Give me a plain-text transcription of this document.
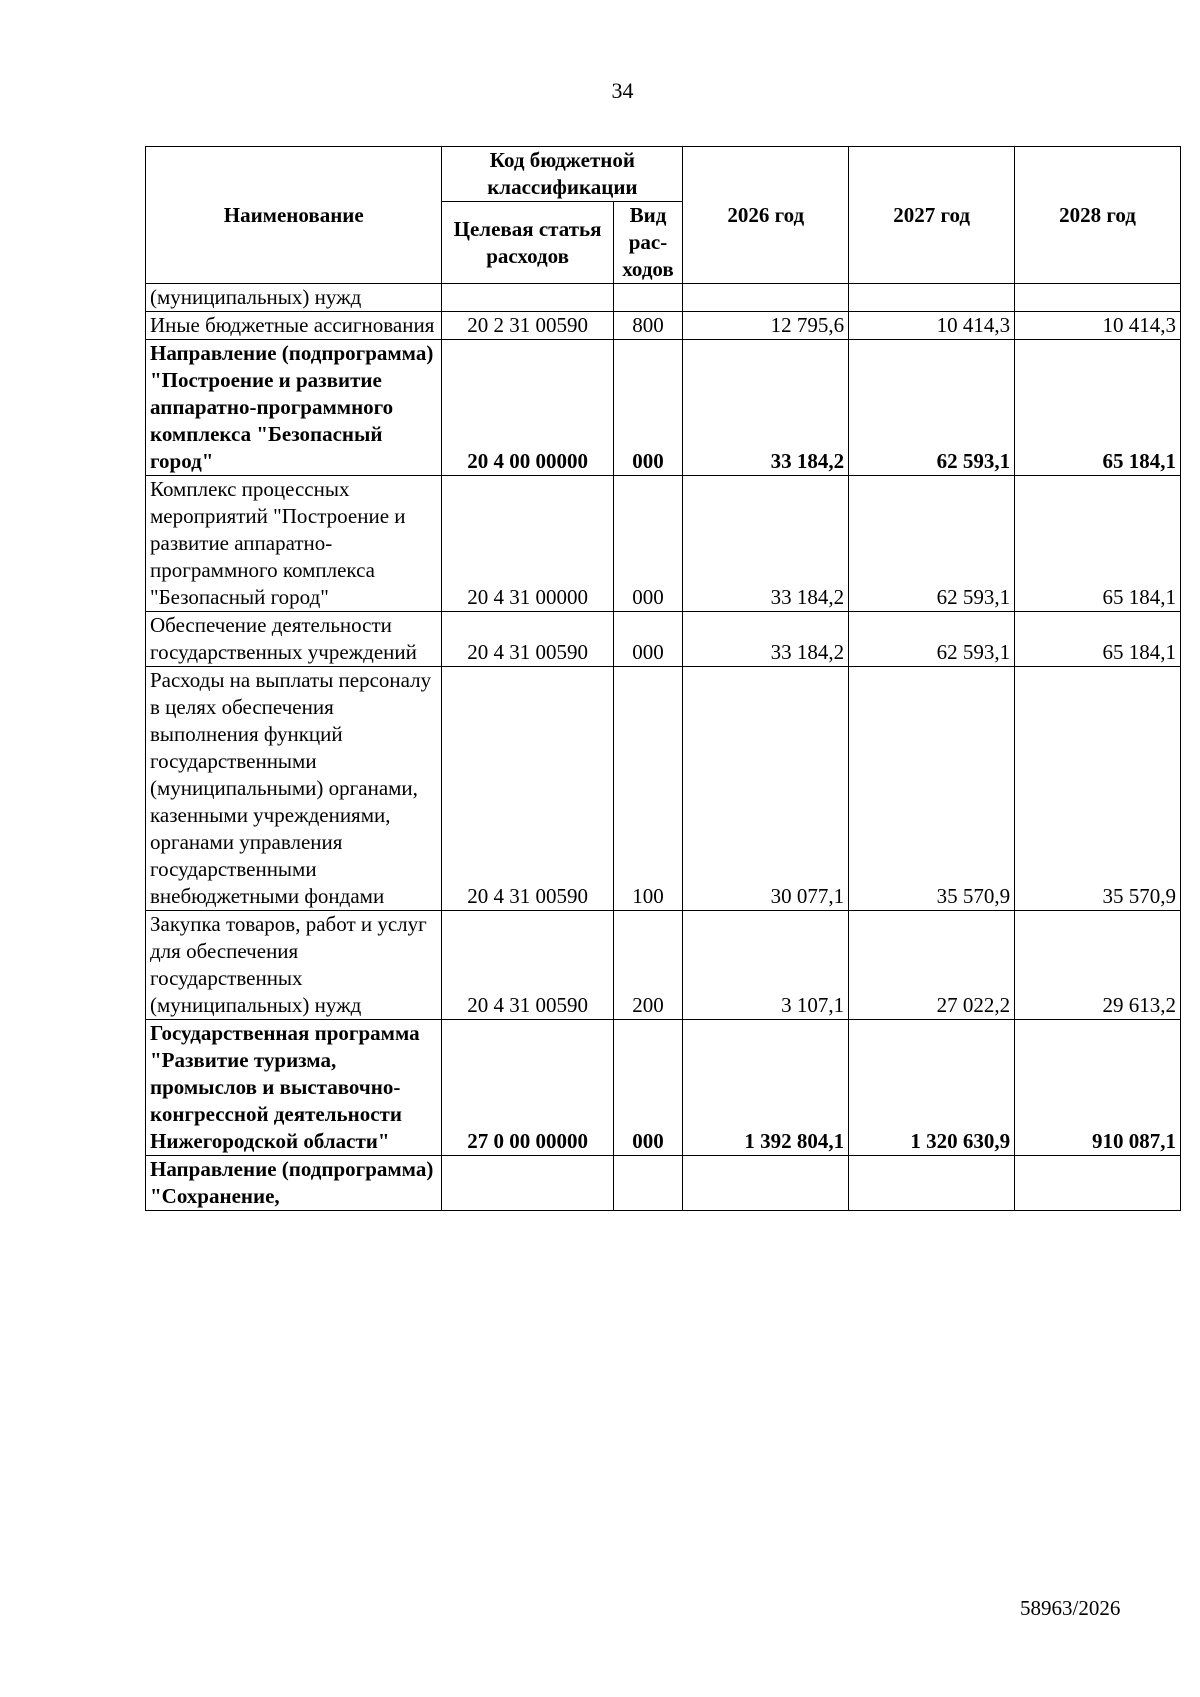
34
Наименование	Код бюджетной классификации		2026 год	2027 год	2028 год
	Целевая статья расходов	Вид рас-ходов			
(муниципальных) нужд					
Иные бюджетные ассигнования	20 2 31 00590	800	12 795,6	10 414,3	10 414,3
Направление (подпрограмма) "Построение и развитие аппаратно-программного комплекса "Безопасный город"	20 4 00 00000	000	33 184,2	62 593,1	65 184,1
Комплекс процессных мероприятий "Построение и развитие аппаратно-программного комплекса "Безопасный город"	20 4 31 00000	000	33 184,2	62 593,1	65 184,1
Обеспечение деятельности государственных учреждений	20 4 31 00590	000	33 184,2	62 593,1	65 184,1
Расходы на выплаты персоналу в целях обеспечения выполнения функций государственными (муниципальными) органами, казенными учреждениями, органами управления государственными внебюджетными фондами	20 4 31 00590	100	30 077,1	35 570,9	35 570,9
Закупка товаров, работ и услуг для обеспечения государственных (муниципальных) нужд	20 4 31 00590	200	3 107,1	27 022,2	29 613,2
Государственная программа "Развитие туризма, промыслов и выставочно-конгрессной деятельности Нижегородской области"	27 0 00 00000	000	1 392 804,1	1 320 630,9	910 087,1
Направление (подпрограмма) "Сохранение,					
58963/2026
